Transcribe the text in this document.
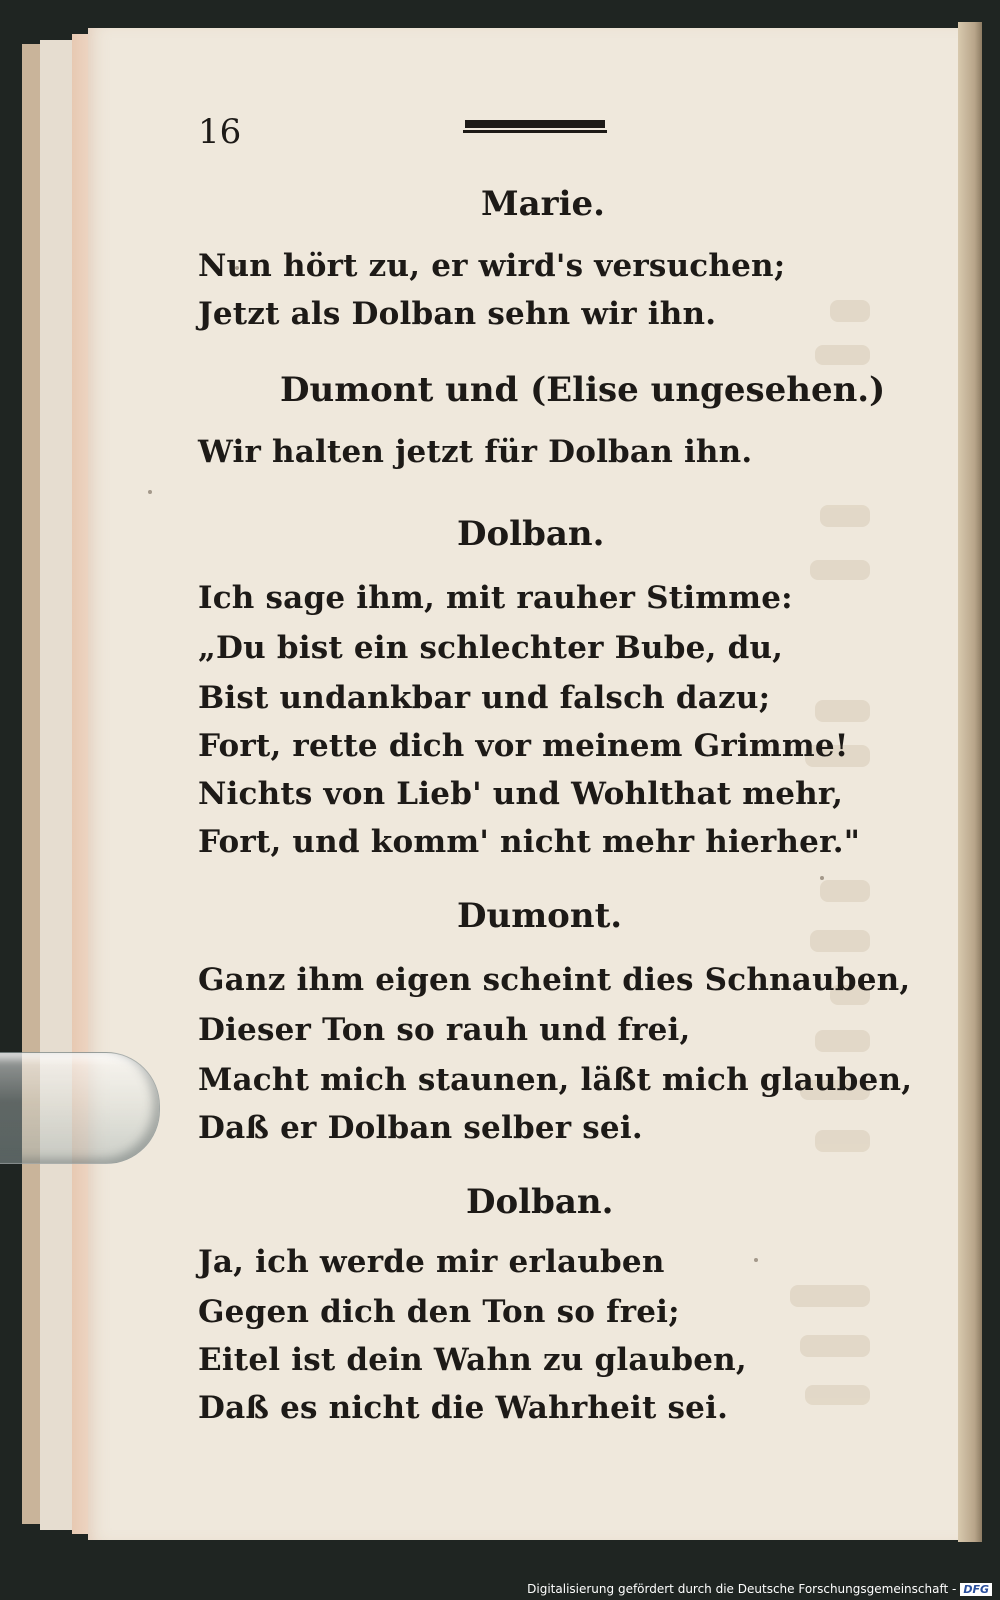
16
Marie.
Nun hört zu, er wird's versuchen;
Jetzt als Dolban sehn wir ihn.
Dumont und (Elise ungesehen.)
Wir halten jetzt für Dolban ihn.
Dolban.
Ich sage ihm, mit rauher Stimme:
„Du bist ein schlechter Bube, du,
Bist undankbar und falsch dazu;
Fort, rette dich vor meinem Grimme!
Nichts von Lieb' und Wohlthat mehr,
Fort, und komm' nicht mehr hierher."
Dumont.
Ganz ihm eigen scheint dies Schnauben,
Dieser Ton so rauh und frei,
Macht mich staunen, läßt mich glauben,
Daß er Dolban selber sei.
Dolban.
Ja, ich werde mir erlauben
Gegen dich den Ton so frei;
Eitel ist dein Wahn zu glauben,
Daß es nicht die Wahrheit sei.
Digitalisierung gefördert durch die Deutsche Forschungsgemeinschaft - DFG
